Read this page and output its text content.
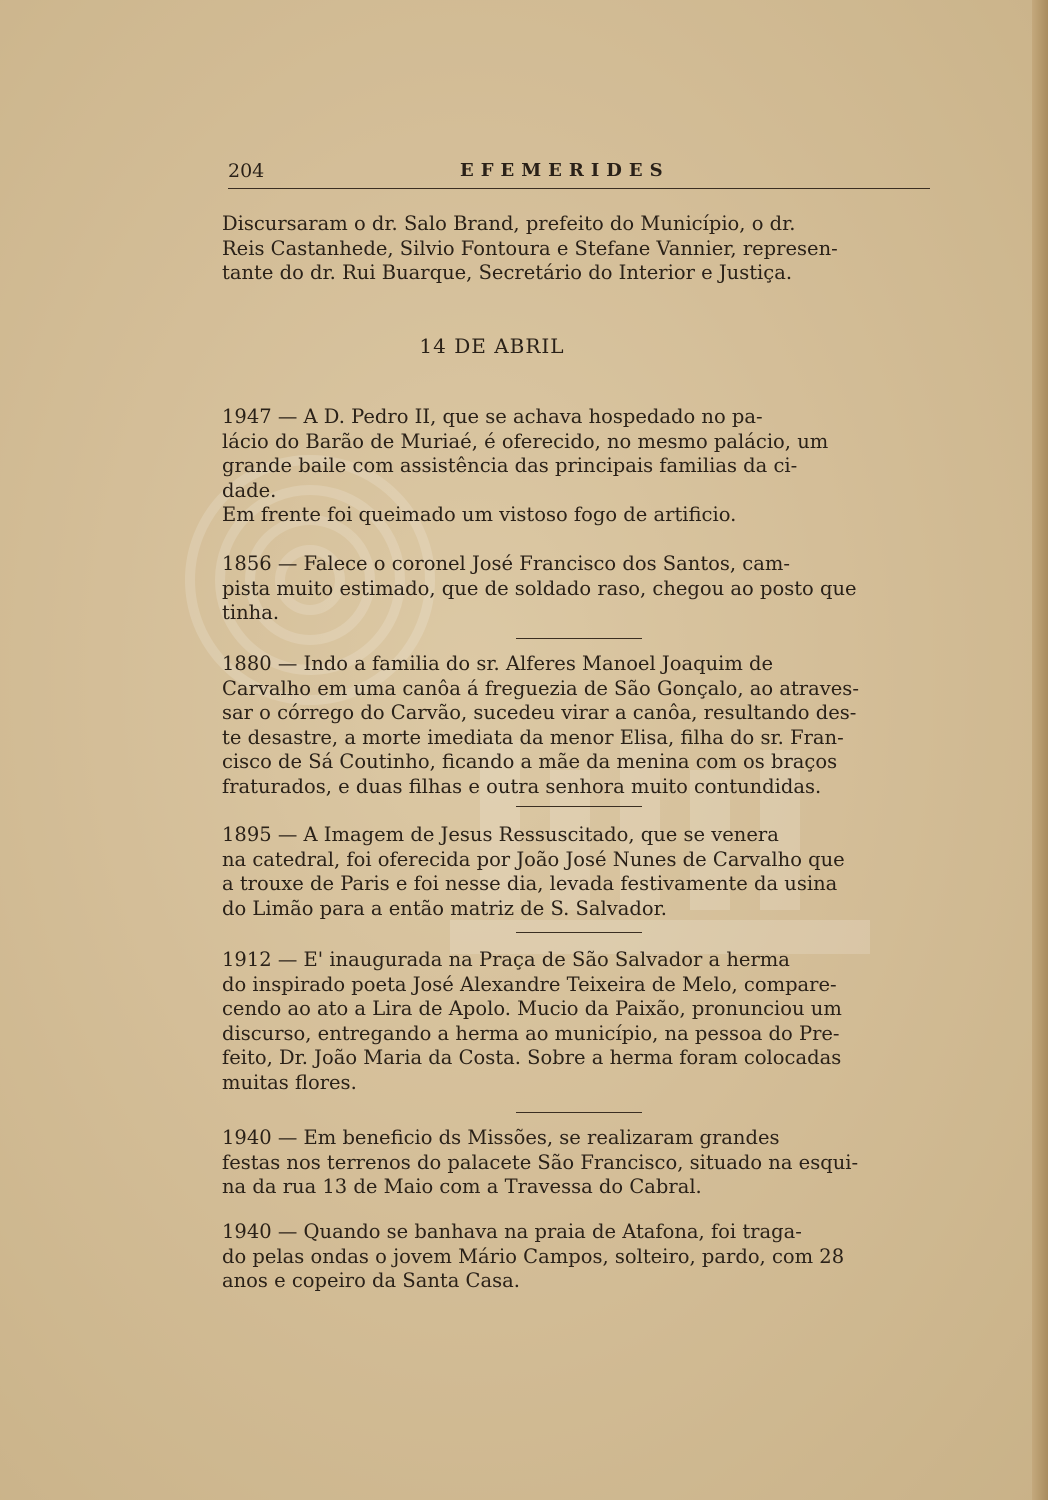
204	EFEMERIDES

Discursaram o dr. Salo Brand, prefeito do Município, o dr.
Reis Castanhede, Silvio Fontoura e Stefane Vannier, represen-
tante do dr. Rui Buarque, Secretário do Interior e Justiça.

14 DE ABRIL

1947 — A D. Pedro II, que se achava hospedado no pa-
lácio do Barão de Muriaé, é oferecido, no mesmo palácio, um
grande baile com assistência das principais familias da ci-
dade.
Em frente foi queimado um vistoso fogo de artificio.

1856 — Falece o coronel José Francisco dos Santos, cam-
pista muito estimado, que de soldado raso, chegou ao posto que
tinha.

1880 — Indo a familia do sr. Alferes Manoel Joaquim de
Carvalho em uma canôa á freguezia de São Gonçalo, ao atraves-
sar o córrego do Carvão, sucedeu virar a canôa, resultando des-
te desastre, a morte imediata da menor Elisa, filha do sr. Fran-
cisco de Sá Coutinho, ficando a mãe da menina com os braços
fraturados, e duas filhas e outra senhora muito contundidas.

1895 — A Imagem de Jesus Ressuscitado, que se venera
na catedral, foi oferecida por João José Nunes de Carvalho que
a trouxe de Paris e foi nesse dia, levada festivamente da usina
do Limão para a então matriz de S. Salvador.

1912 — E' inaugurada na Praça de São Salvador a herma
do inspirado poeta José Alexandre Teixeira de Melo, compare-
cendo ao ato a Lira de Apolo. Mucio da Paixão, pronunciou um
discurso, entregando a herma ao município, na pessoa do Pre-
feito, Dr. João Maria da Costa. Sobre a herma foram colocadas
muitas flores.

1940 — Em beneficio ds Missões, se realizaram grandes
festas nos terrenos do palacete São Francisco, situado na esqui-
na da rua 13 de Maio com a Travessa do Cabral.

1940 — Quando se banhava na praia de Atafona, foi traga-
do pelas ondas o jovem Mário Campos, solteiro, pardo, com 28
anos e copeiro da Santa Casa.
